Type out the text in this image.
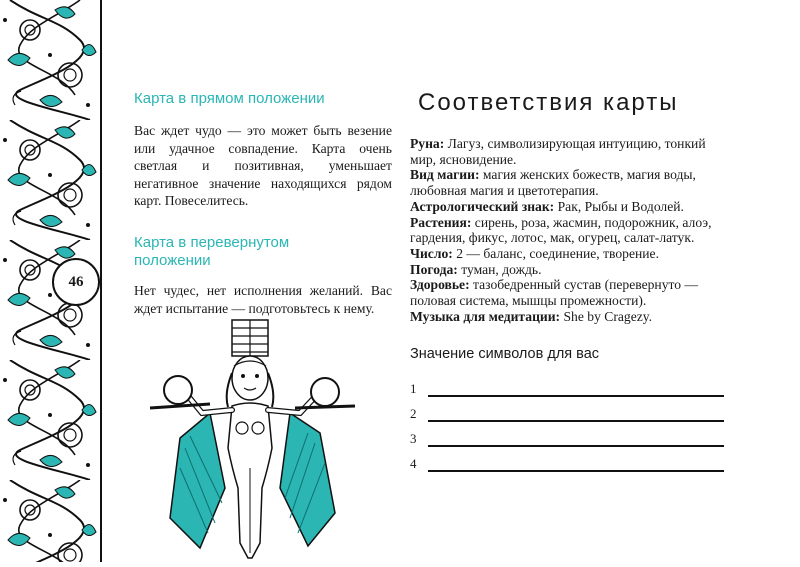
46
Карта в прямом положении

Вас ждет чудо — это может быть везение или удачное совпадение. Карта очень светлая и позитивная, уменьшает негативное значение находящихся рядом карт. Повеселитесь.

Карта в перевернутом
положении

Нет чудес, нет исполнения желаний. Вас ждет испытание — подготовьтесь к нему.

Соответствия карты

Руна: Лагуз, символизирующая интуицию, тонкий мир, ясновидение.

Вид магии: магия женских божеств, магия воды, любовная магия и цветотерапия.

Астрологический знак: Рак, Рыбы и Водолей.

Растения: сирень, роза, жасмин, подорожник, алоэ, гардения, фикус, лотос, мак, огурец, салат-латук.

Число: 2 — баланс, соединение, творение.

Погода: туман, дождь.

Здоровье: тазобедренный сустав (перевернуто — половая система, мышцы промежности).

Музыка для медитации: She by Cragezy.

Значение символов для вас
1
2
3
4
